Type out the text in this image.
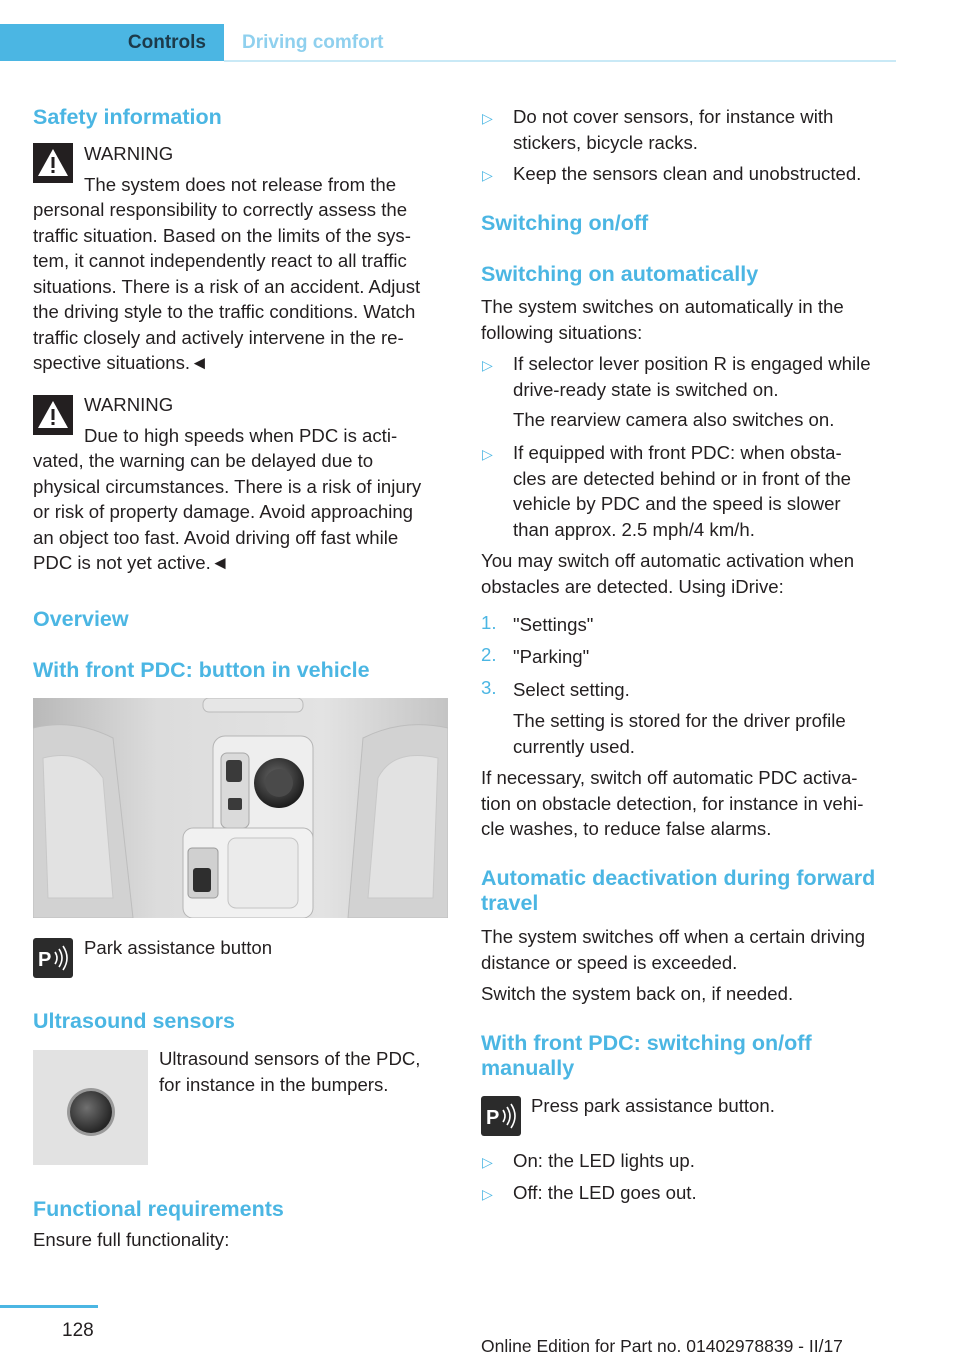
Controls Driving comfort
Safety information
WARNING
The system does not release from the
personal responsibility to correctly assess the
traffic situation. Based on the limits of the sys-
tem, it cannot independently react to all traffic
situations. There is a risk of an accident. Adjust
the driving style to the traffic conditions. Watch
traffic closely and actively intervene in the re-
spective situations.◄
WARNING
Due to high speeds when PDC is acti-
vated, the warning can be delayed due to
physical circumstances. There is a risk of injury
or risk of property damage. Avoid approaching
an object too fast. Avoid driving off fast while
PDC is not yet active.◄
Overview
With front PDC: button in vehicle
P
Park assistance button
Ultrasound sensors
Ultrasound sensors of the PDC,
for instance in the bumpers.
Functional requirements
Ensure full functionality:
▷ Do not cover sensors, for instance with
stickers, bicycle racks.
▷ Keep the sensors clean and unobstructed.
Switching on/off
Switching on automatically
The system switches on automatically in the
following situations:
▷ If selector lever position R is engaged while
drive-ready state is switched on.
The rearview camera also switches on.
▷ If equipped with front PDC: when obsta-
cles are detected behind or in front of the
vehicle by PDC and the speed is slower
than approx. 2.5 mph/4 km/h.
You may switch off automatic activation when
obstacles are detected. Using iDrive:
1. "Settings"
2. "Parking"
3. Select setting.
The setting is stored for the driver profile
currently used.
If necessary, switch off automatic PDC activa-
tion on obstacle detection, for instance in vehi-
cle washes, to reduce false alarms.
Automatic deactivation during forward
travel
The system switches off when a certain driving
distance or speed is exceeded.
Switch the system back on, if needed.
With front PDC: switching on/off
manually
P
Press park assistance button.
▷ On: the LED lights up.
▷ Off: the LED goes out.
128
Online Edition for Part no. 01402978839 - II/17
